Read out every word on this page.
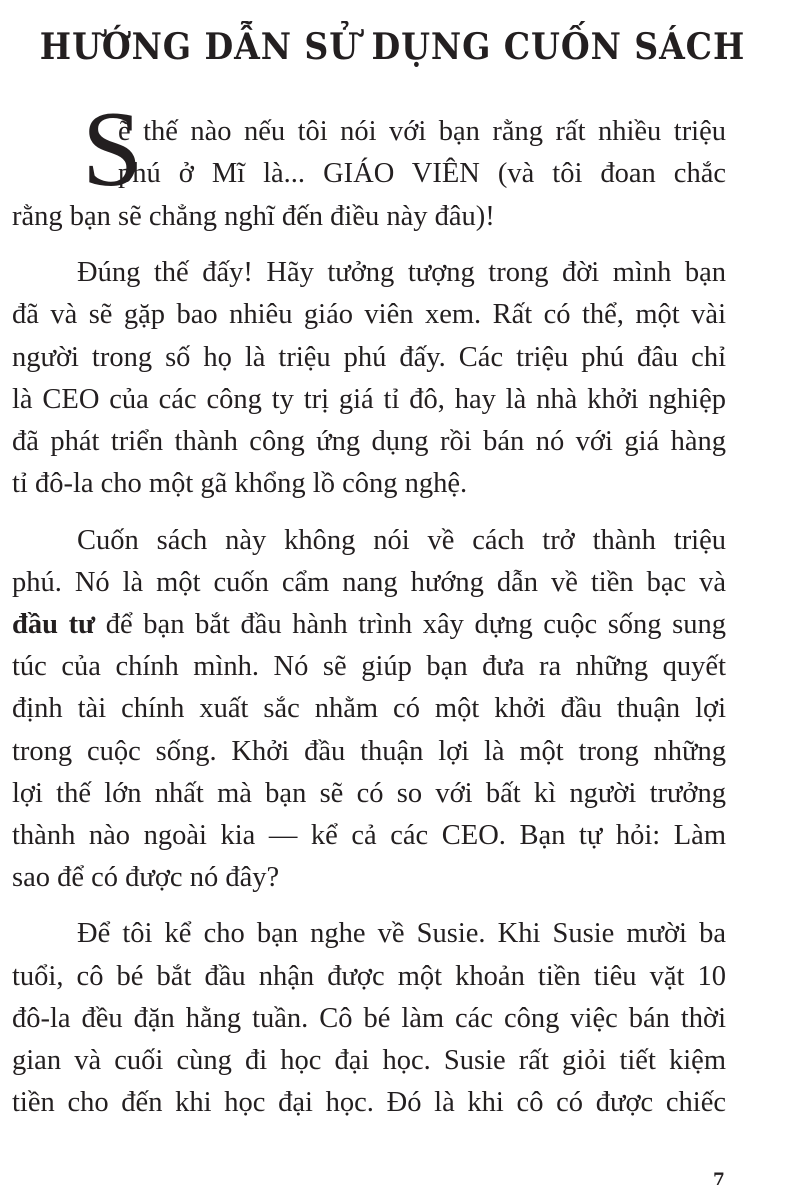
HƯỚNG DẪN SỬ DỤNG CUỐN SÁCH
S
ẽ thế nào nếu tôi nói với bạn rằng rất nhiều triệu
phú ở Mĩ là... GIÁO VIÊN (và tôi đoan chắc
rằng bạn sẽ chẳng nghĩ đến điều này đâu)!
Đúng thế đấy! Hãy tưởng tượng trong đời mình bạn
đã và sẽ gặp bao nhiêu giáo viên xem. Rất có thể, một vài
người trong số họ là triệu phú đấy. Các triệu phú đâu chỉ
là CEO của các công ty trị giá tỉ đô, hay là nhà khởi nghiệp
đã phát triển thành công ứng dụng rồi bán nó với giá hàng
tỉ đô-la cho một gã khổng lồ công nghệ.
Cuốn sách này không nói về cách trở thành triệu
phú. Nó là một cuốn cẩm nang hướng dẫn về tiền bạc và
đầu tư để bạn bắt đầu hành trình xây dựng cuộc sống sung
túc của chính mình. Nó sẽ giúp bạn đưa ra những quyết
định tài chính xuất sắc nhằm có một khởi đầu thuận lợi
trong cuộc sống. Khởi đầu thuận lợi là một trong những
lợi thế lớn nhất mà bạn sẽ có so với bất kì người trưởng
thành nào ngoài kia — kể cả các CEO. Bạn tự hỏi: Làm
sao để có được nó đây?
Để tôi kể cho bạn nghe về Susie. Khi Susie mười ba
tuổi, cô bé bắt đầu nhận được một khoản tiền tiêu vặt 10
đô-la đều đặn hằng tuần. Cô bé làm các công việc bán thời
gian và cuối cùng đi học đại học. Susie rất giỏi tiết kiệm
tiền cho đến khi học đại học. Đó là khi cô có được chiếc
7
